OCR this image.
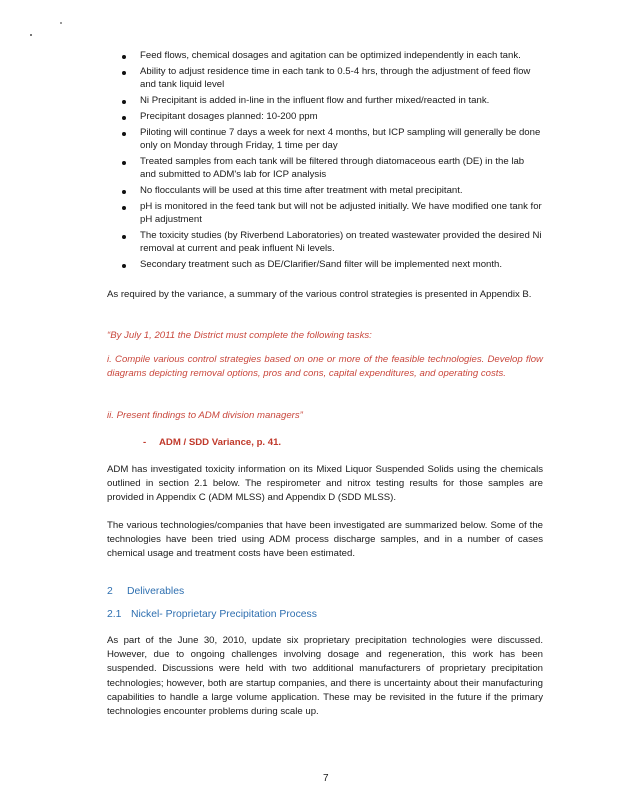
Feed flows, chemical dosages and agitation can be optimized independently in each tank.
Ability to adjust residence time in each tank to 0.5-4 hrs, through the adjustment of feed flow and tank liquid level
Ni Precipitant is added in-line in the influent flow and further mixed/reacted in tank.
Precipitant dosages planned: 10-200 ppm
Piloting will continue 7 days a week for next 4 months, but ICP sampling will generally be done only on Monday through Friday, 1 time per day
Treated samples from each tank will be filtered through diatomaceous earth (DE) in the lab and submitted to ADM's lab for ICP analysis
No flocculants will be used at this time after treatment with metal precipitant.
pH is monitored in the feed tank but will not be adjusted initially. We have modified one tank for pH adjustment
The toxicity studies (by Riverbend Laboratories) on treated wastewater provided the desired Ni removal at current and peak influent Ni levels.
Secondary treatment such as DE/Clarifier/Sand filter will be implemented next month.

As required by the variance, a summary of the various control strategies is presented in Appendix B.

“By July 1, 2011 the District must complete the following tasks:

i. Compile various control strategies based on one or more of the feasible technologies. Develop flow diagrams depicting removal options, pros and cons, capital expenditures, and operating costs.

ii. Present findings to ADM division managers”

- ADM / SDD Variance, p. 41.

ADM has investigated toxicity information on its Mixed Liquor Suspended Solids using the chemicals outlined in section 2.1 below. The respirometer and nitrox testing results for those samples are provided in Appendix C (ADM MLSS) and Appendix D (SDD MLSS).

The various technologies/companies that have been investigated are summarized below. Some of the technologies have been tried using ADM process discharge samples, and in a number of cases chemical usage and treatment costs have been estimated.

2 Deliverables
2.1 Nickel- Proprietary Precipitation Process

As part of the June 30, 2010, update six proprietary precipitation technologies were discussed. However, due to ongoing challenges involving dosage and regeneration, this work has been suspended. Discussions were held with two additional manufacturers of proprietary precipitation technologies; however, both are startup companies, and there is uncertainty about their manufacturing capabilities to handle a large volume application. These may be revisited in the future if the primary technologies encounter problems during scale up.

7
